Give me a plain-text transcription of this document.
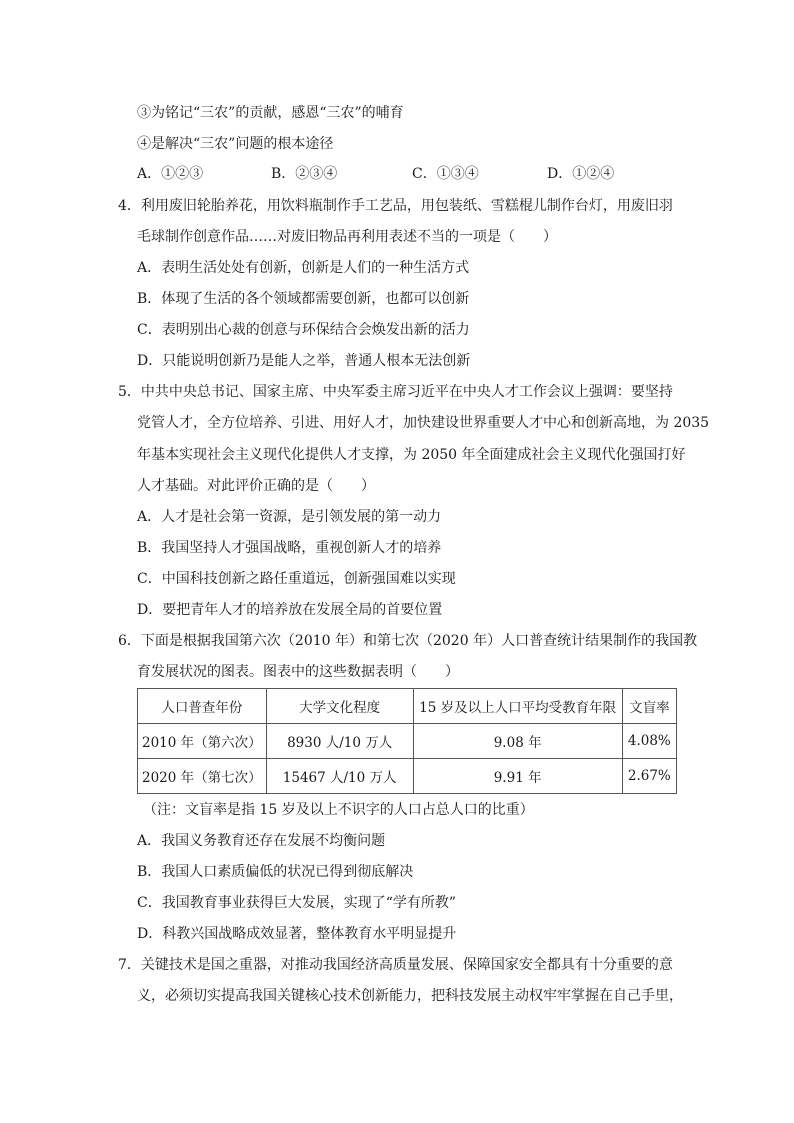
③为铭记“三农”的贡献，感恩“三农”的哺育
④是解决“三农”问题的根本途径
A．①②③	B．②③④	C．①③④	D．①②④
4．利用废旧轮胎养花，用饮料瓶制作手工艺品，用包装纸、雪糕棍儿制作台灯，用废旧羽
毛球制作创意作品……对废旧物品再利用表述不当的一项是（　　）
A．表明生活处处有创新，创新是人们的一种生活方式
B．体现了生活的各个领域都需要创新，也都可以创新
C．表明别出心裁的创意与环保结合会焕发出新的活力
D．只能说明创新乃是能人之举，普通人根本无法创新
5．中共中央总书记、国家主席、中央军委主席习近平在中央人才工作会议上强调：要坚持
党管人才，全方位培养、引进、用好人才，加快建设世界重要人才中心和创新高地，为 2035
年基本实现社会主义现代化提供人才支撑，为 2050 年全面建成社会主义现代化强国打好
人才基础。对此评价正确的是（　　）
A．人才是社会第一资源，是引领发展的第一动力
B．我国坚持人才强国战略，重视创新人才的培养
C．中国科技创新之路任重道远，创新强国难以实现
D．要把青年人才的培养放在发展全局的首要位置
6．下面是根据我国第六次（2010 年）和第七次（2020 年）人口普查统计结果制作的我国教
育发展状况的图表。图表中的这些数据表明（　　）
人口普查年份	大学文化程度	15 岁及以上人口平均受教育年限	文盲率
2010 年（第六次）	8930 人/10 万人	9.08 年	4.08%
2020 年（第七次）	15467 人/10 万人	9.91 年	2.67%
（注：文盲率是指 15 岁及以上不识字的人口占总人口的比重）
A．我国义务教育还存在发展不均衡问题
B．我国人口素质偏低的状况已得到彻底解决
C．我国教育事业获得巨大发展，实现了“学有所教”
D．科教兴国战略成效显著，整体教育水平明显提升
7．关键技术是国之重器，对推动我国经济高质量发展、保障国家安全都具有十分重要的意
义，必须切实提高我国关键核心技术创新能力，把科技发展主动权牢牢掌握在自己手里，
